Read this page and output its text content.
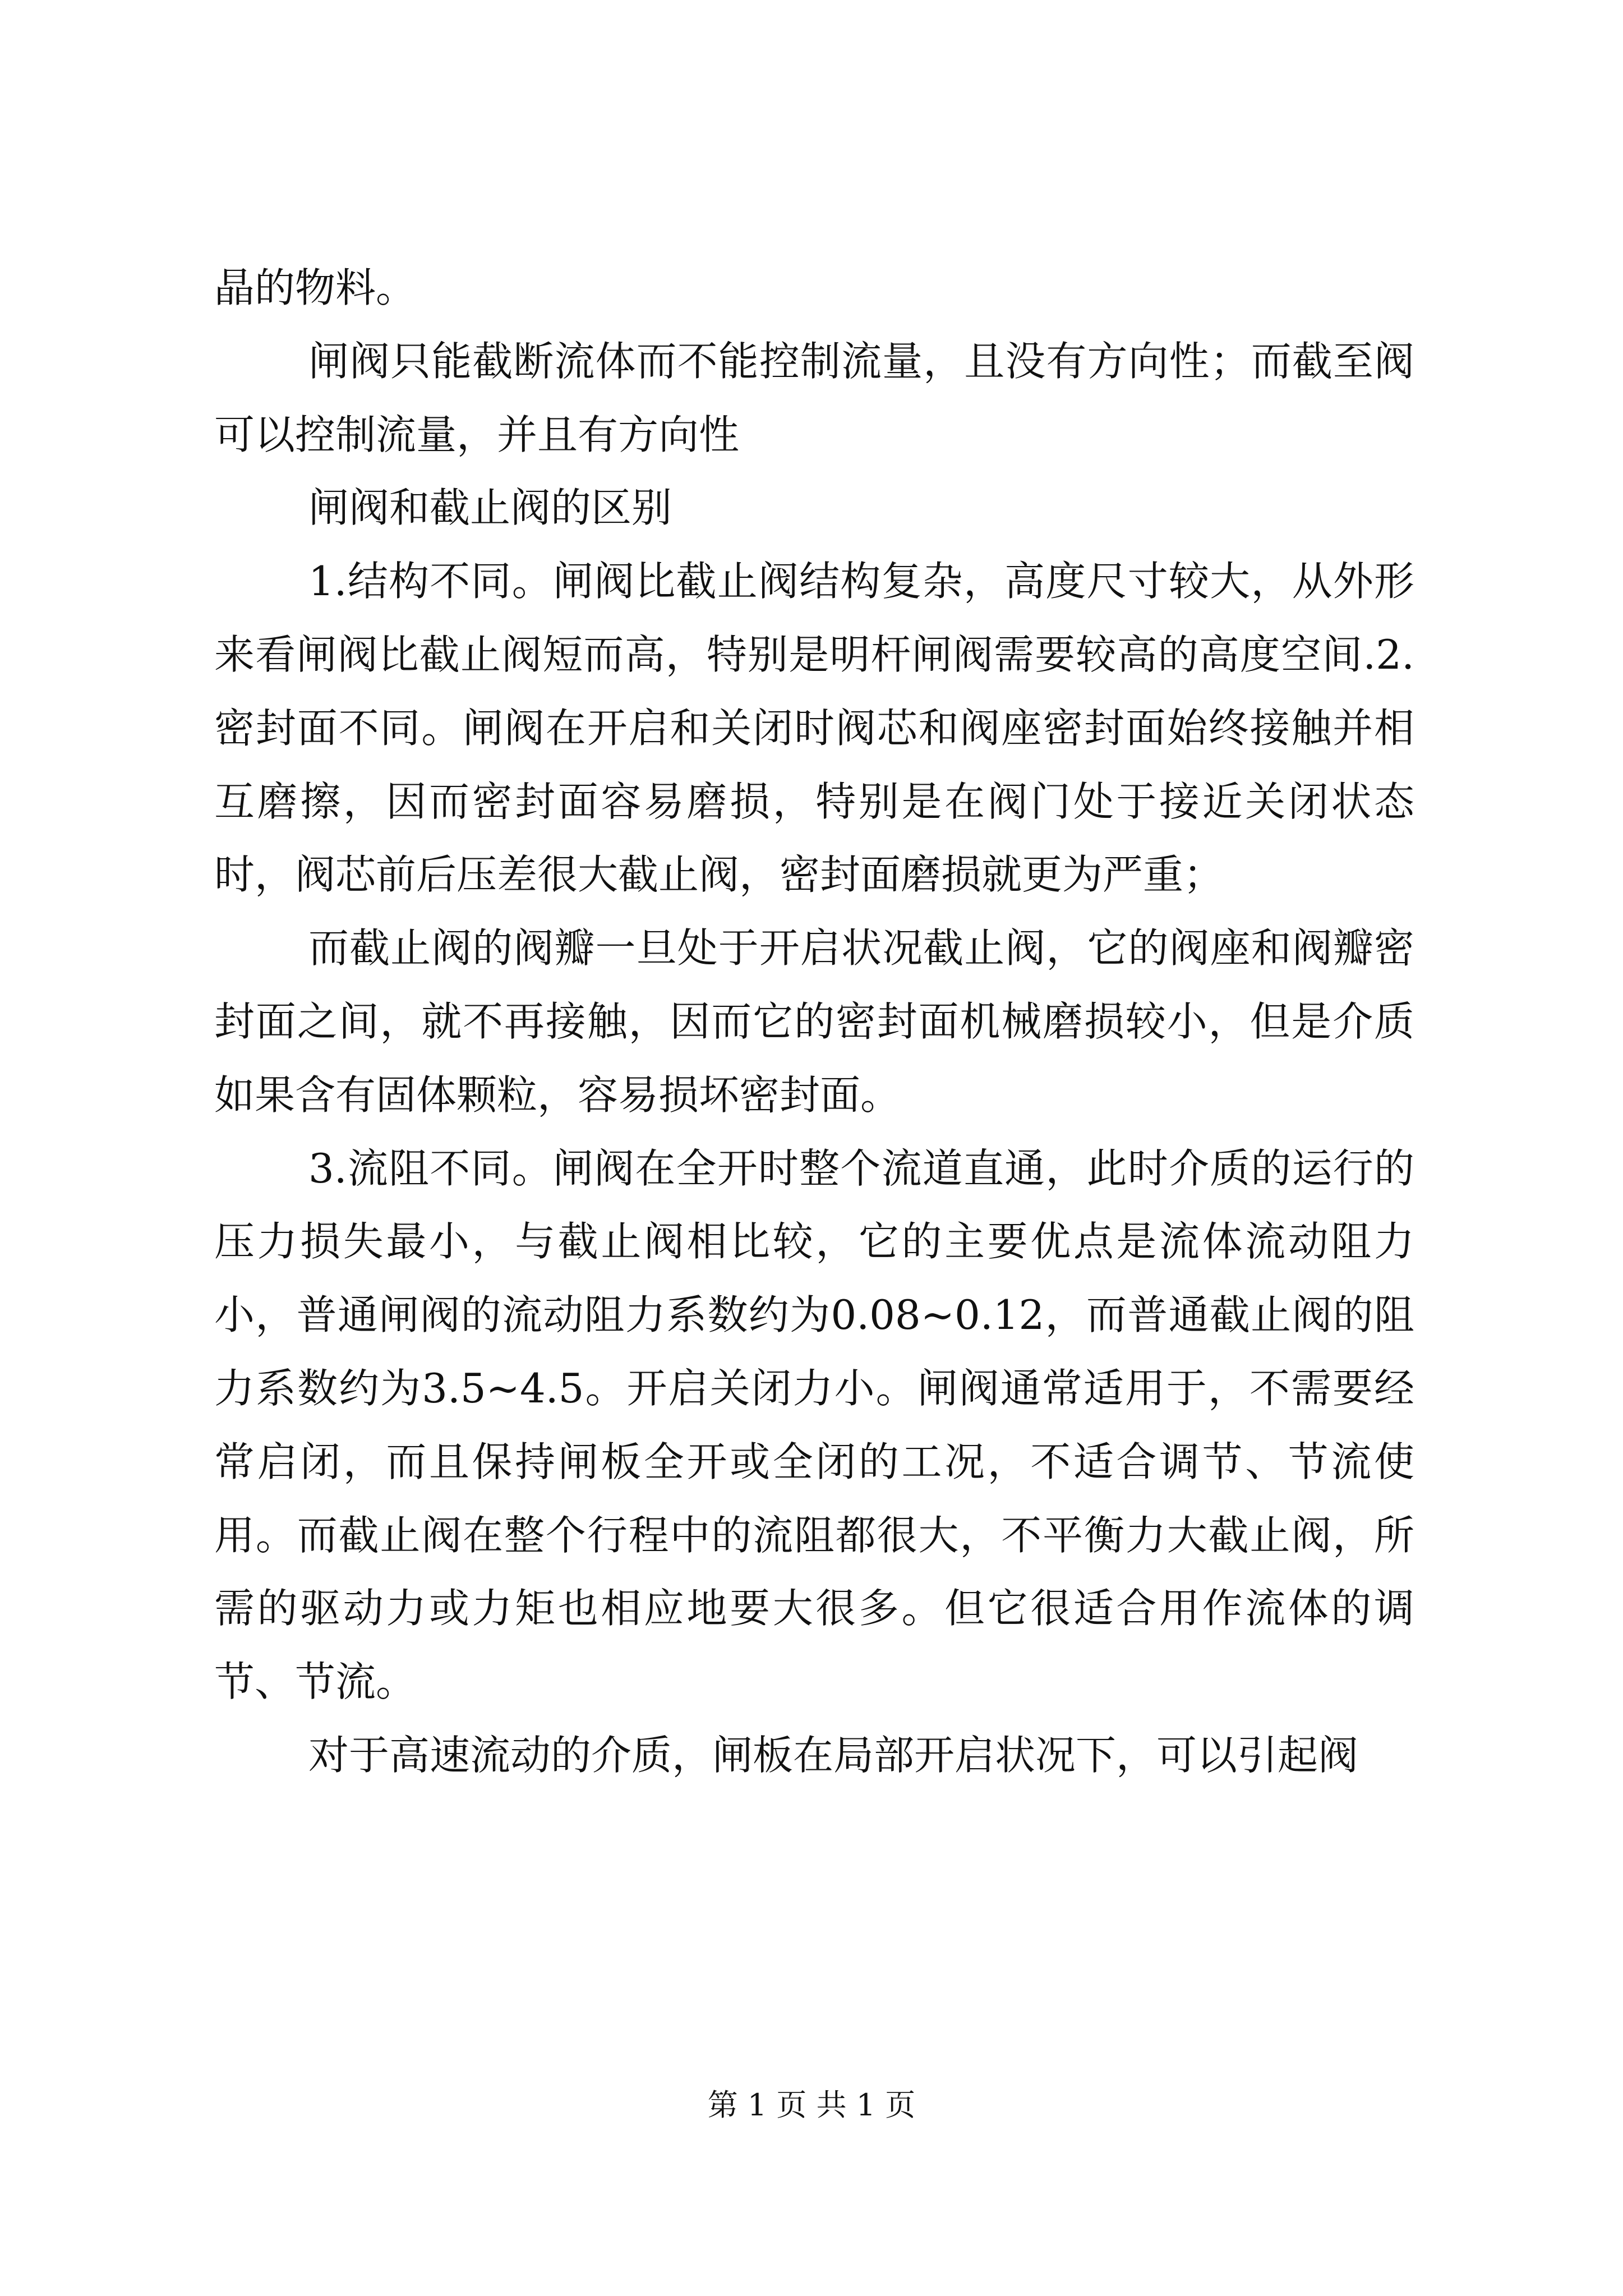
晶的物料。

闸阀只能截断流体而不能控制流量，且没有方向性；而截至阀可以控制流量，并且有方向性

闸阀和截止阀的区别

1.结构不同。闸阀比截止阀结构复杂，高度尺寸较大，从外形来看闸阀比截止阀短而高，特别是明杆闸阀需要较高的高度空间.2.密封面不同。闸阀在开启和关闭时阀芯和阀座密封面始终接触并相互磨擦，因而密封面容易磨损，特别是在阀门处于接近关闭状态时，阀芯前后压差很大截止阀，密封面磨损就更为严重；

而截止阀的阀瓣一旦处于开启状况截止阀，它的阀座和阀瓣密封面之间，就不再接触，因而它的密封面机械磨损较小，但是介质如果含有固体颗粒，容易损坏密封面。

3.流阻不同。闸阀在全开时整个流道直通，此时介质的运行的压力损失最小，与截止阀相比较，它的主要优点是流体流动阻力小，普通闸阀的流动阻力系数约为0.08~0.12，而普通截止阀的阻力系数约为3.5~4.5。开启关闭力小。闸阀通常适用于，不需要经常启闭，而且保持闸板全开或全闭的工况，不适合调节、节流使用。而截止阀在整个行程中的流阻都很大，不平衡力大截止阀，所需的驱动力或力矩也相应地要大很多。但它很适合用作流体的调节、节流。

对于高速流动的介质，闸板在局部开启状况下，可以引起阀

第 1 页 共 1 页
